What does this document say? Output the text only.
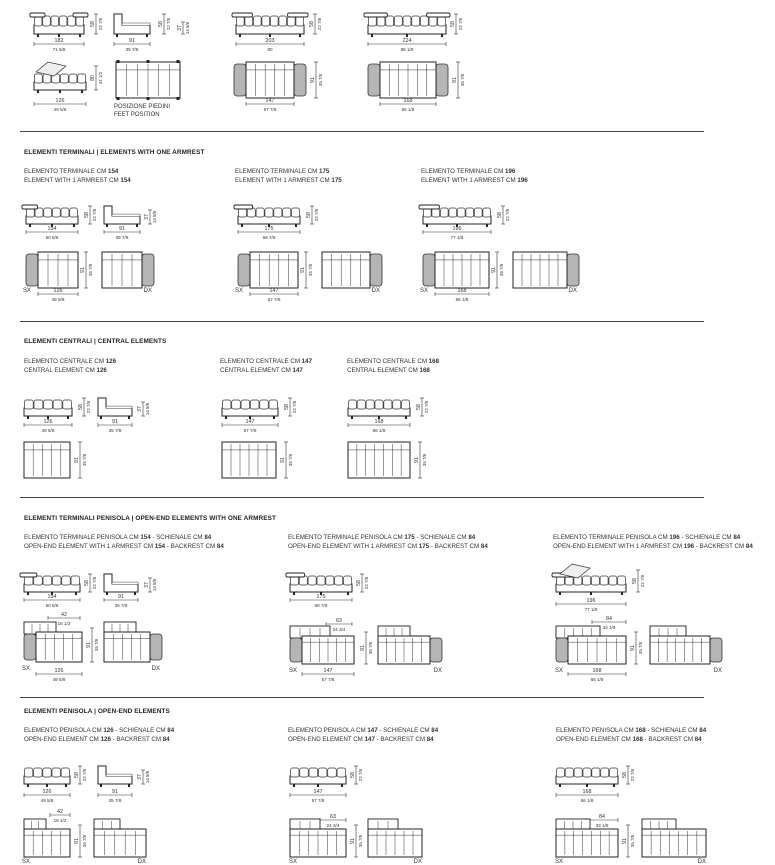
ELEMENTI TERMINALI | ELEMENTS WITH ONE ARMREST
ELEMENTI CENTRALI | CENTRAL ELEMENTS
ELEMENTI TERMINALI PENISOLA | OPEN-END ELEMENTS WITH ONE ARMREST
ELEMENTI PENISOLA | OPEN-END ELEMENTS
POSIZIONE PIEDINI
FEET POSITION
ELEMENTO TERMINALE CM 154
ELEMENT WITH 1 ARMREST CM 154
ELEMENTO TERMINALE CM 175
ELEMENT WITH 1 ARMREST CM 175
ELEMENTO TERMINALE CM 196
ELEMENT WITH 1 ARMREST CM 196
ELEMENTO CENTRALE CM 126
CENTRAL ELEMENT CM 126
ELEMENTO CENTRALE CM 147
CENTRAL ELEMENT CM 147
ELEMENTO CENTRALE CM 168
CENTRAL ELEMENT CM 168
ELEMENTO TERMINALE PENISOLA CM 154 - SCHIENALE CM 84
OPEN-END ELEMENT WITH 1 ARMREST CM 154 - BACKREST CM 84
ELEMENTO TERMINALE PENISOLA CM 175 - SCHIENALE CM 84
OPEN-END ELEMENT WITH 1 ARMREST CM 175 - BACKREST CM 84
ELEMENTO TERMINALE PENISOLA CM 196 - SCHIENALE CM 84
OPEN-END ELEMENT WITH 1 ARMREST CM 196 - BACKREST CM 84
ELEMENTO PENISOLA CM 126 - SCHIENALE CM 84
OPEN-END ELEMENT CM 126 - BACKREST CM 84
ELEMENTO PENISOLA CM 147 - SCHIENALE CM 84
OPEN-END ELEMENT CM 147 - BACKREST CM 84
ELEMENTO PENISOLA CM 168 - SCHIENALE CM 84
OPEN-END ELEMENT CM 168 - BACKREST CM 84
182
71 5/8
58 22 7/8
91
35 7/8
58 22 7/8 37 14 5/8
203
80
58 22 7/8
224
88 1/8
58 22 7/8
126
49 5/8
80 31 1/2
147
57 7/8
91 35 7/8
168
66 1/8
91 35 7/8
154
60 5/8
58 22 7/8
91 35 7/8
126
49 5/8
SX	DX
91
35 7/8
37 14 5/8
175
68 7/8
58 22 7/8
91 35 7/8
147
57 7/8
SX	DX
196
77 1/8
58 22 7/8
91 35 7/8
168
66 1/8
SX	DX
126
49 5/8
58 22 7/8
91
35 7/8
37 14 5/8
91 35 7/8
147
57 7/8
58 22 7/8
91 35 7/8
168
66 1/8
58 22 7/8
91 35 7/8
154
60 5/8
58 22 7/8
91
35 7/8
37 14 5/8
42
16 1/2
91 35 7/8
126
49 5/8
SX	DX
175
68 7/8
58 22 7/8
63
24 3/4
91 35 7/8
147
57 7/8
SX	DX
196
77 1/8
58 22 7/8
84
33 1/8
91 35 7/8
168
66 1/8
SX	DX
126
49 5/8
58 22 7/8
91
35 7/8
37 14 5/8
42
16 1/2
91 35 7/8
SX	DX
147
57 7/8
58 22 7/8
63
24 3/4
91 35 7/8
SX	DX
168
66 1/8
58 22 7/8
84
33 1/8
91 35 7/8
SX	DX
